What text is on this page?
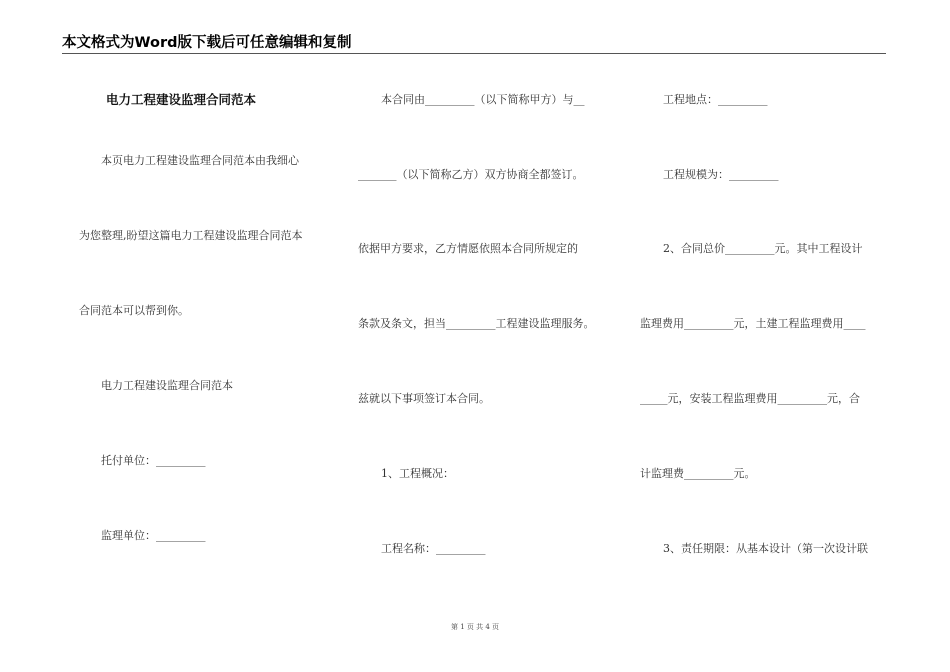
本文格式为Word版下载后可任意编辑和复制
电力工程建设监理合同范本
本页电力工程建设监理合同范本由我细心
为您整理,盼望这篇电力工程建设监理合同范本
合同范本可以帮到你。
电力工程建设监理合同范本
托付单位：_________
监理单位：_________
本合同由_________（以下简称甲方）与__
_______（以下简称乙方）双方协商全都签订。
依据甲方要求，乙方情愿依照本合同所规定的
条款及条文，担当_________工程建设监理服务。
兹就以下事项签订本合同。
1、工程概况：
工程名称：_________
工程地点：_________
工程规模为：_________
2、合同总价_________元。其中工程设计
监理费用_________元，土建工程监理费用____
_____元，安装工程监理费用_________元，合
计监理费_________元。
3、责任期限：从基本设计（第一次设计联
第 1 页 共 4 页
